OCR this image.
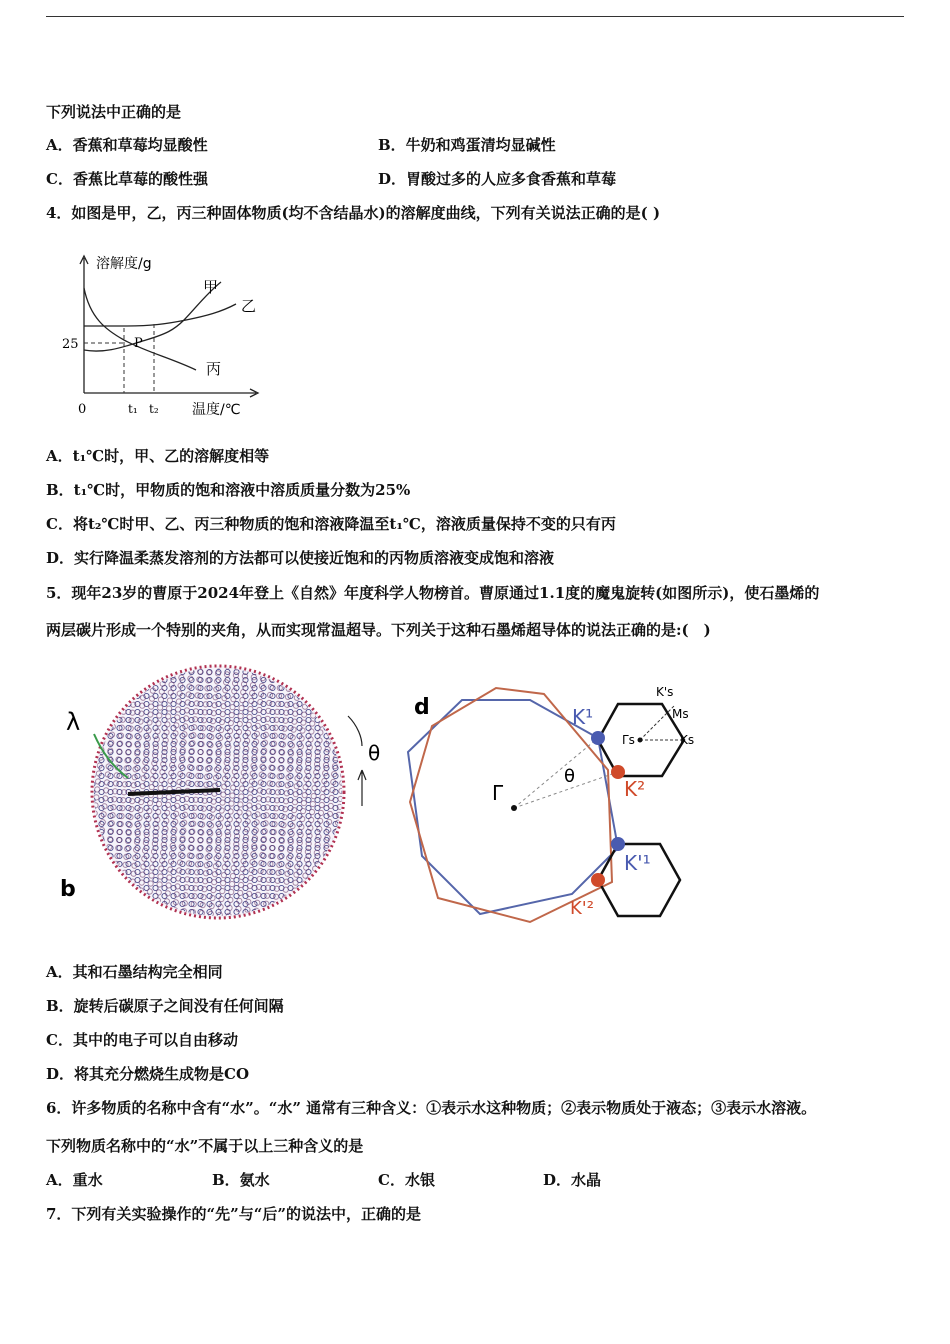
下列说法中正确的是
A．香蕉和草莓均显酸性	B．牛奶和鸡蛋清均显碱性
C．香蕉比草莓的酸性强	D．胃酸过多的人应多食香蕉和草莓
4．如图是甲，乙，丙三种固体物质(均不含结晶水)的溶解度曲线，下列有关说法正确的是( )
溶解度/g
温度/℃
0
25
t₁ t₂
P
甲
乙
丙
A．t₁℃时，甲、乙的溶解度相等
B．t₁℃时，甲物质的饱和溶液中溶质质量分数为25%
C．将t₂℃时甲、乙、丙三种物质的饱和溶液降温至t₁℃，溶液质量保持不变的只有丙
D．实行降温柔蒸发溶剂的方法都可以使接近饱和的丙物质溶液变成饱和溶液
5．现年23岁的曹原于2024年登上《自然》年度科学人物榜首。曹原通过1.1度的魔鬼旋转(如图所示)，使石墨烯的
两层碳片形成一个特别的夹角，从而实现常温超导。下列关于这种石墨烯超导体的说法正确的是:(　)
λ
θ
b
d
Γ
θ
K¹
K²
K'¹
K'²
K's
Ms
Γs	Ks
A．其和石墨结构完全相同
B．旋转后碳原子之间没有任何间隔
C．其中的电子可以自由移动
D．将其充分燃烧生成物是CO
6．许多物质的名称中含有“水”。“水” 通常有三种含义：①表示水这种物质；②表示物质处于液态；③表示水溶液。
下列物质名称中的“水”不属于以上三种含义的是
A．重水	B．氨水	C．水银	D．水晶
7．下列有关实验操作的“先”与“后”的说法中，正确的是
